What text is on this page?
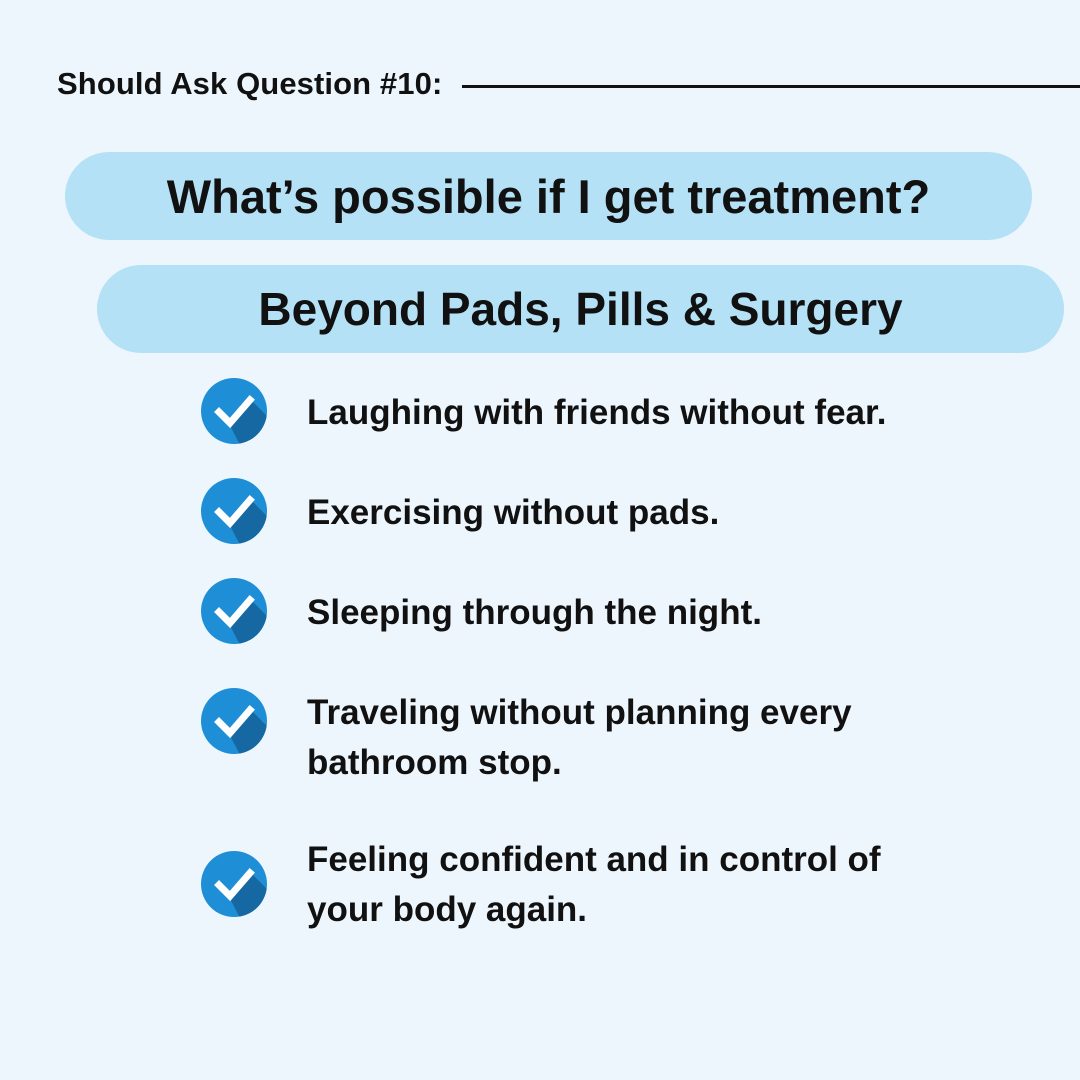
Should Ask Question #10:
What’s possible if I get treatment?
Beyond Pads, Pills & Surgery
Laughing with friends without fear.
Exercising without pads.
Sleeping through the night.
Traveling without planning every bathroom stop.
Feeling confident and in control of your body again.
